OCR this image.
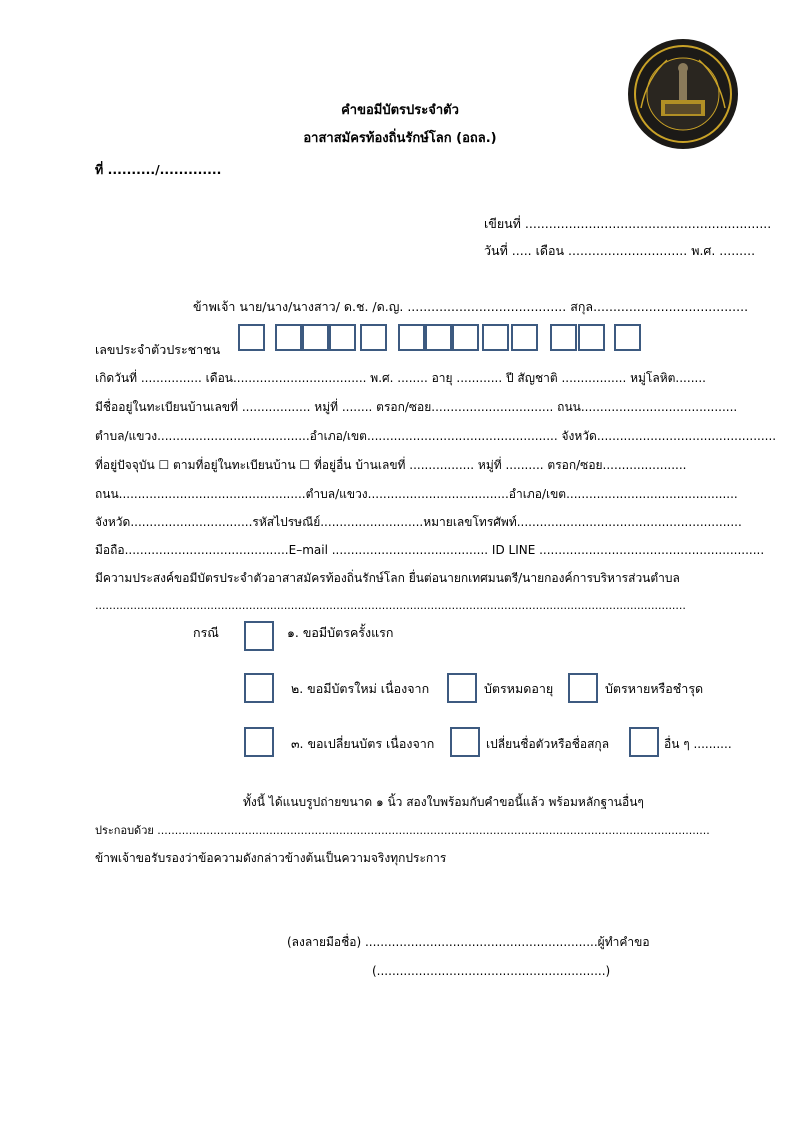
คำขอมีบัตรประจำตัว
อาสาสมัครท้องถิ่นรักษ์โลก (อถล.)
ที่ ........../.............
เขียนที่ ..............................................................
วันที่ ..... เดือน .............................. พ.ศ. .........
ข้าพเจ้า นาย/นาง/นางสาว/ ด.ช. /ด.ญ. ........................................ สกุล.......................................
เลขประจำตัวประชาชน
เกิดวันที่ ................ เดือน................................... พ.ศ. ........ อายุ ............ ปี สัญชาติ ................. หมู่โลหิต........
มีชื่ออยู่ในทะเบียนบ้านเลขที่ .................. หมู่ที่ ........ ตรอก/ซอย................................ ถนน.........................................
ตำบล/แขวง........................................อำเภอ/เขต.................................................. จังหวัด...............................................
ที่อยู่ปัจจุบัน ☐ ตามที่อยู่ในทะเบียนบ้าน ☐ ที่อยู่อื่น บ้านเลขที่ ................. หมู่ที่ .......... ตรอก/ซอย......................
ถนน.................................................ตำบล/แขวง.....................................อำเภอ/เขต.............................................
จังหวัด................................รหัสไปรษณีย์...........................หมายเลขโทรศัพท์...........................................................
มือถือ...........................................E–mail ......................................... ID LINE ...........................................................
มีความประสงค์ขอมีบัตรประจำตัวอาสาสมัครท้องถิ่นรักษ์โลก ยื่นต่อนายกเทศมนตรี/นายกองค์การบริหารส่วนตำบล
.........................................................................................................................................................................
กรณี	๑. ขอมีบัตรครั้งแรก
๒. ขอมีบัตรใหม่ เนื่องจาก	บัตรหมดอายุ	บัตรหายหรือชำรุด
๓. ขอเปลี่ยนบัตร เนื่องจาก	เปลี่ยนชื่อตัวหรือชื่อสกุล	อื่น ๆ ..........
ทั้งนี้ ได้แนบรูปถ่ายขนาด ๑ นิ้ว สองใบพร้อมกับคำขอนี้แล้ว พร้อมหลักฐานอื่นๆ
ประกอบด้วย ..............................................................................................................................................................
ข้าพเจ้าขอรับรองว่าข้อความดังกล่าวข้างต้นเป็นความจริงทุกประการ
(ลงลายมือชื่อ) .............................................................ผู้ทำคำขอ
(............................................................)
